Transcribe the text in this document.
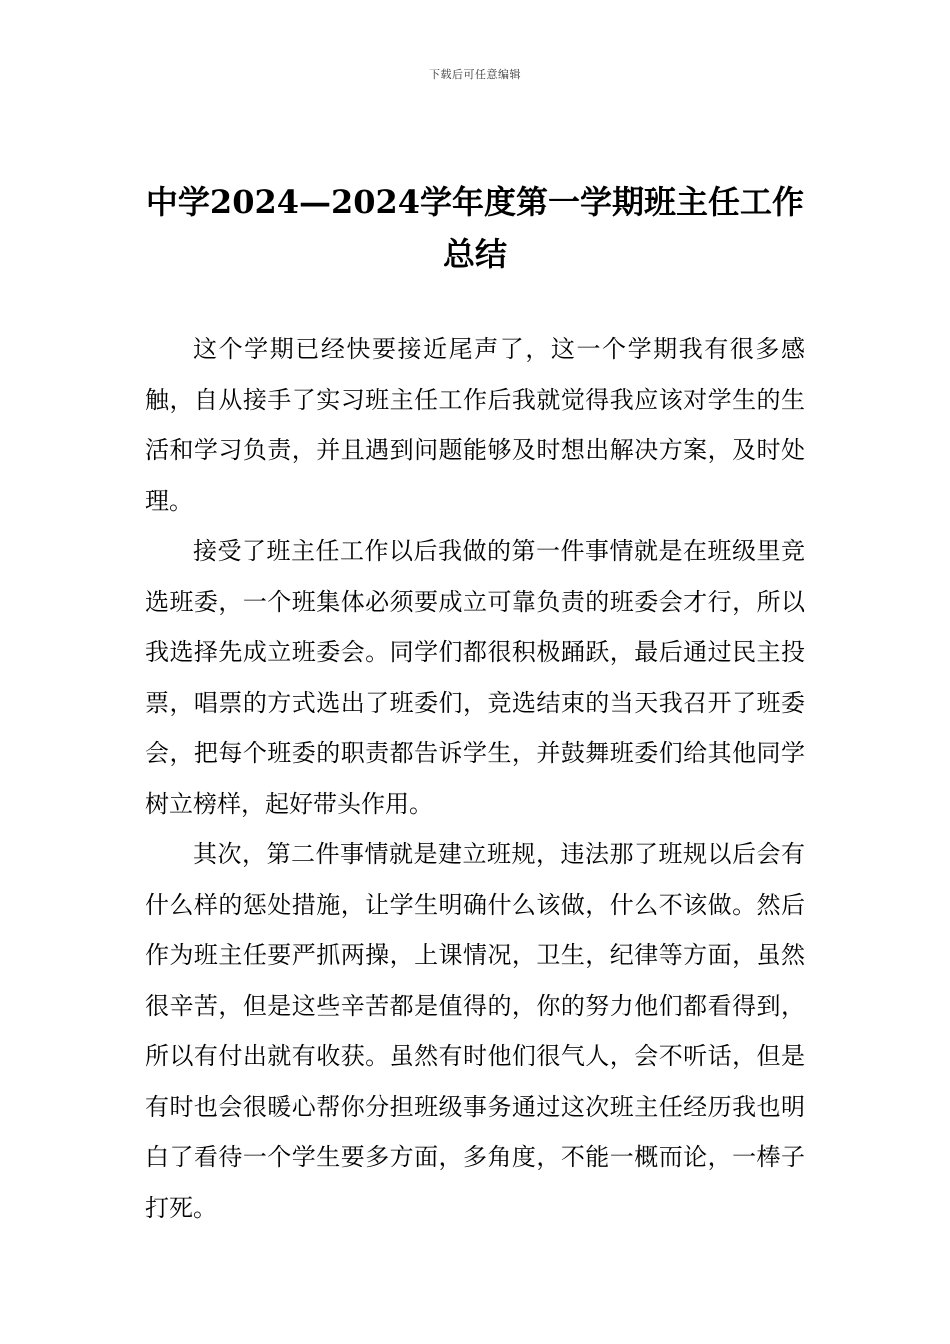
下载后可任意编辑
中学2024—2024学年度第一学期班主任工作总结

这个学期已经快要接近尾声了，这一个学期我有很多感触，自从接手了实习班主任工作后我就觉得我应该对学生的生活和学习负责，并且遇到问题能够及时想出解决方案，及时处理。

接受了班主任工作以后我做的第一件事情就是在班级里竞选班委，一个班集体必须要成立可靠负责的班委会才行，所以我选择先成立班委会。同学们都很积极踊跃，最后通过民主投票，唱票的方式选出了班委们，竞选结束的当天我召开了班委会，把每个班委的职责都告诉学生，并鼓舞班委们给其他同学树立榜样，起好带头作用。

其次，第二件事情就是建立班规，违法那了班规以后会有什么样的惩处措施，让学生明确什么该做，什么不该做。然后作为班主任要严抓两操，上课情况，卫生，纪律等方面，虽然很辛苦，但是这些辛苦都是值得的，你的努力他们都看得到，所以有付出就有收获。虽然有时他们很气人，会不听话，但是有时也会很暖心帮你分担班级事务通过这次班主任经历我也明白了看待一个学生要多方面，多角度，不能一概而论，一棒子打死。
